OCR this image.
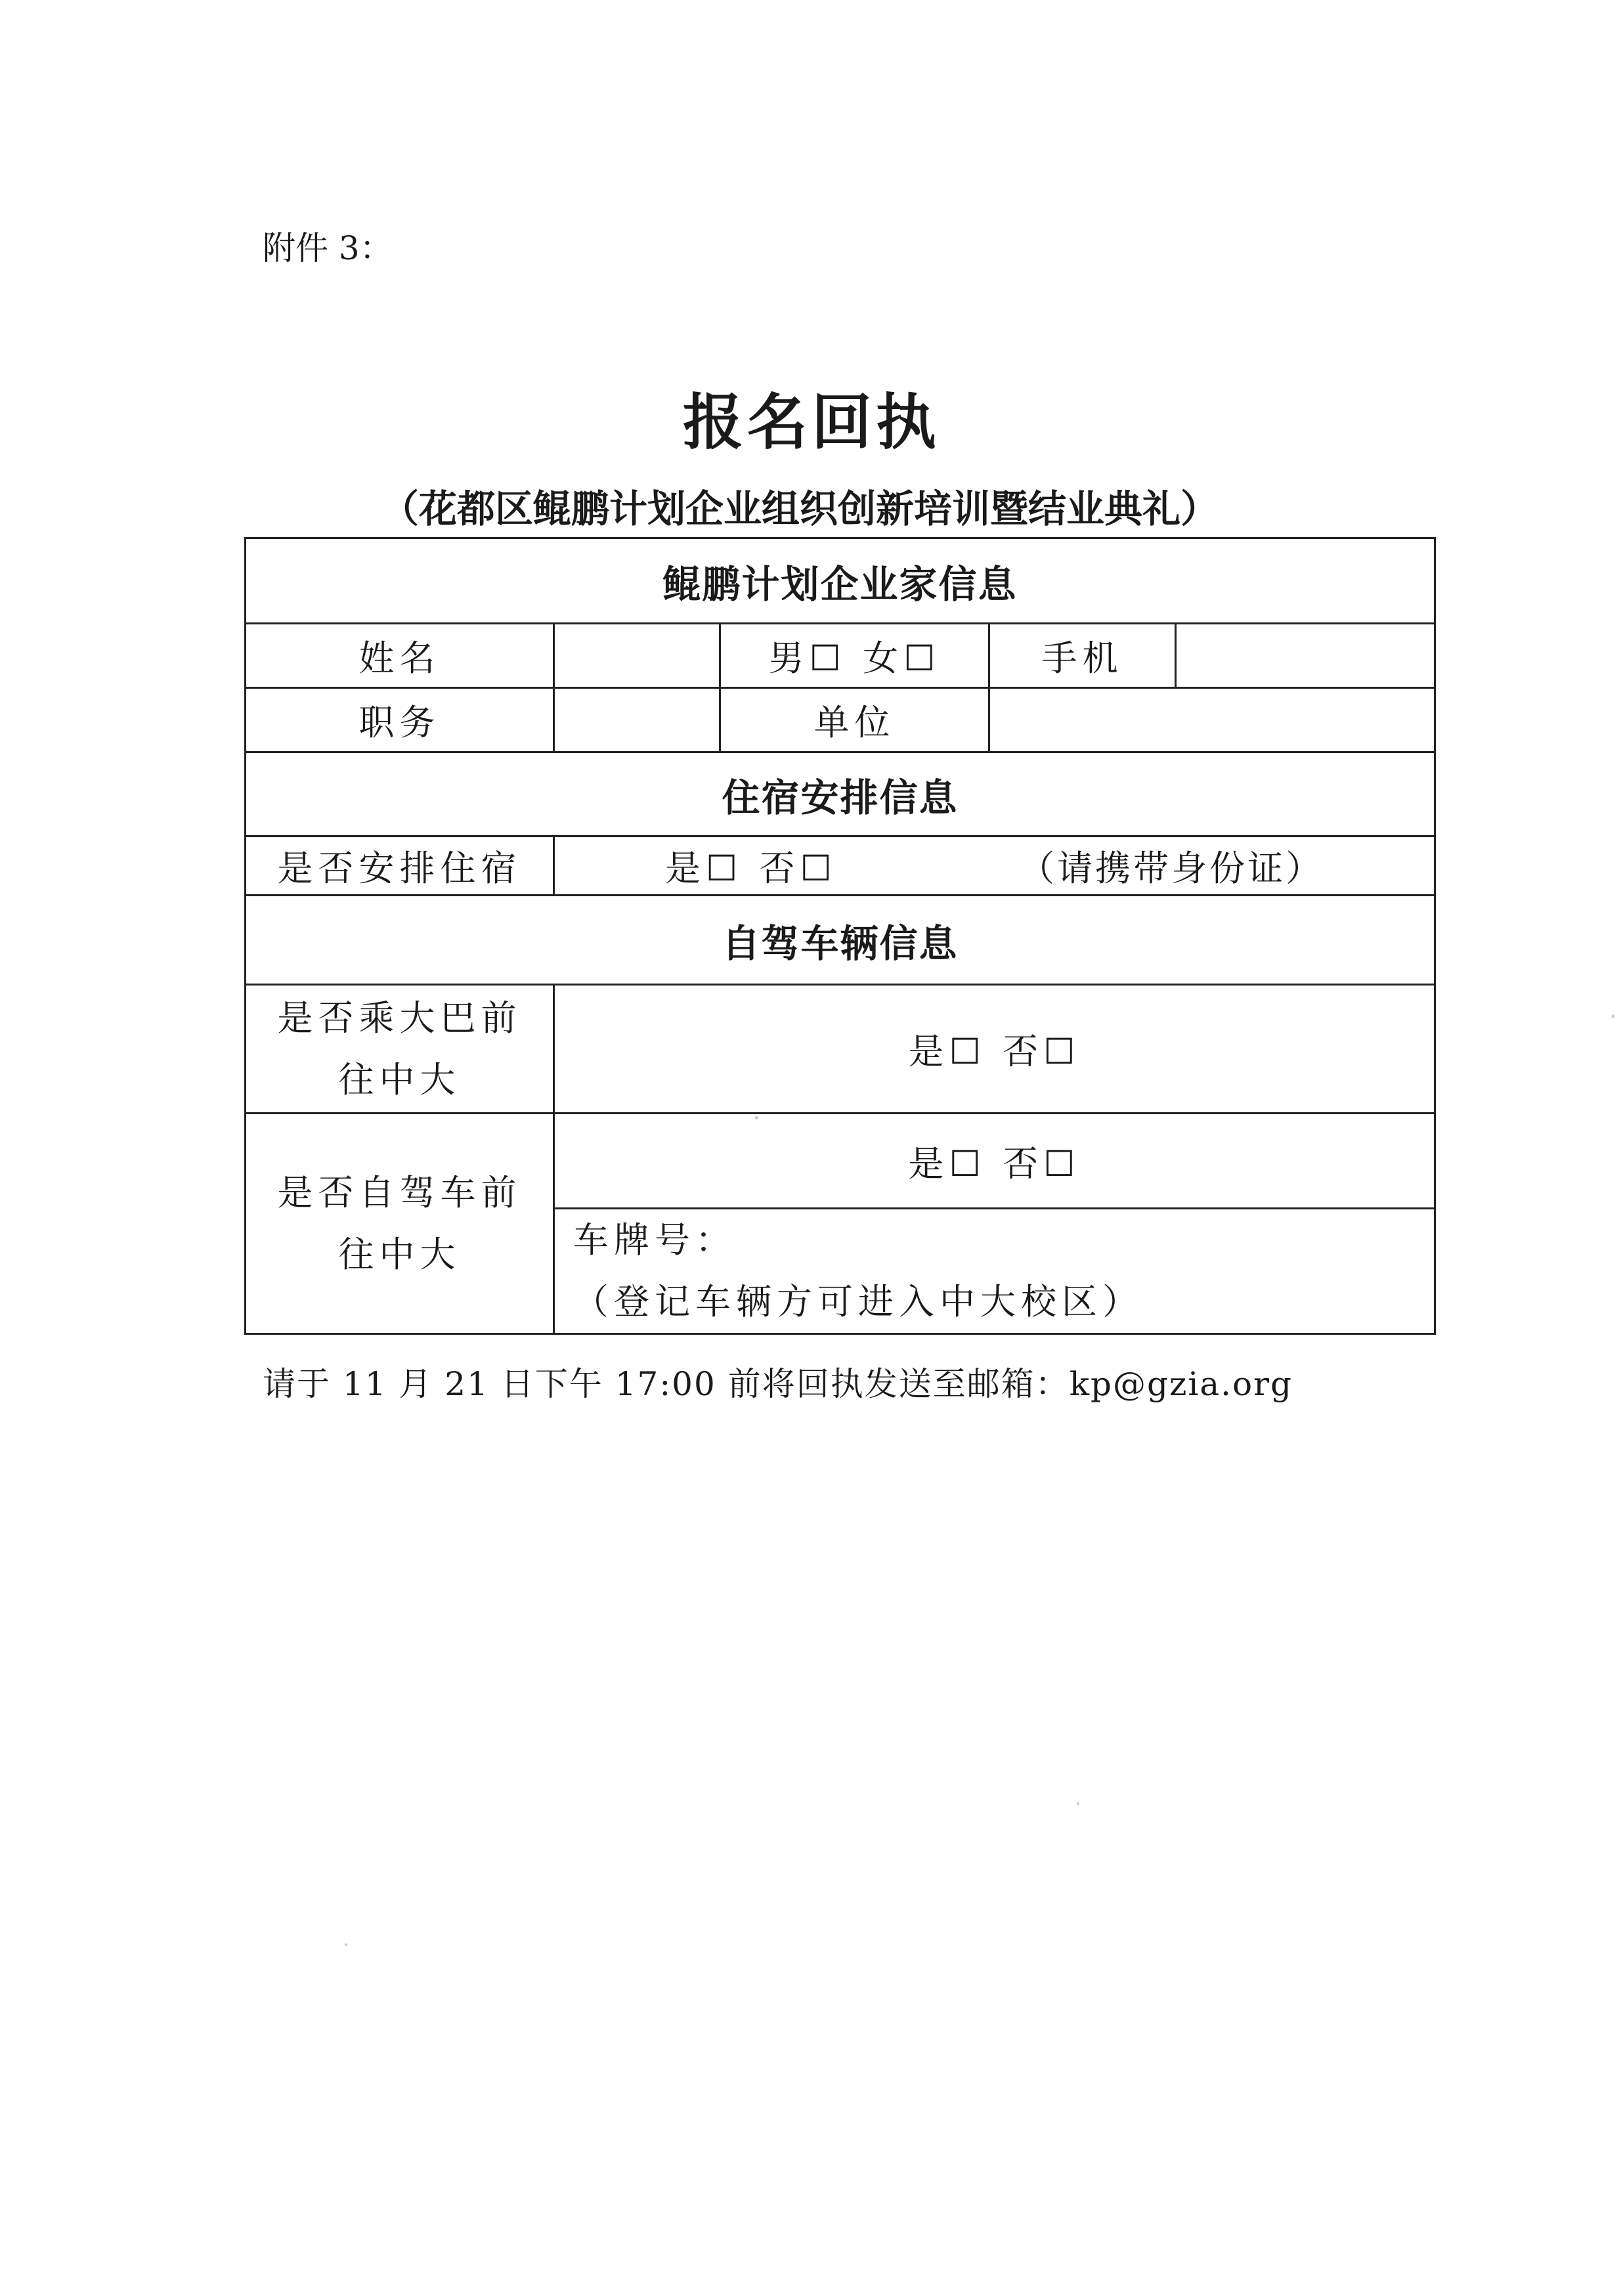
附件 3：
报名回执
（花都区鲲鹏计划企业组织创新培训暨结业典礼）
鲲鹏计划企业家信息				
姓名		男☐ 女☐	手机	
职务		单位		
住宿安排信息				
是否安排住宿	是☐ 否☐ （请携带身份证）			
自驾车辆信息				

是否乘大巴前
往中大	是☐ 否☐			

是否自驾车前
往中大	是☐ 否☐			

	车牌号：
（登记车辆方可进入中大校区）			
请于 11 月 21 日下午 17:00 前将回执发送至邮箱：kp@gzia.org
